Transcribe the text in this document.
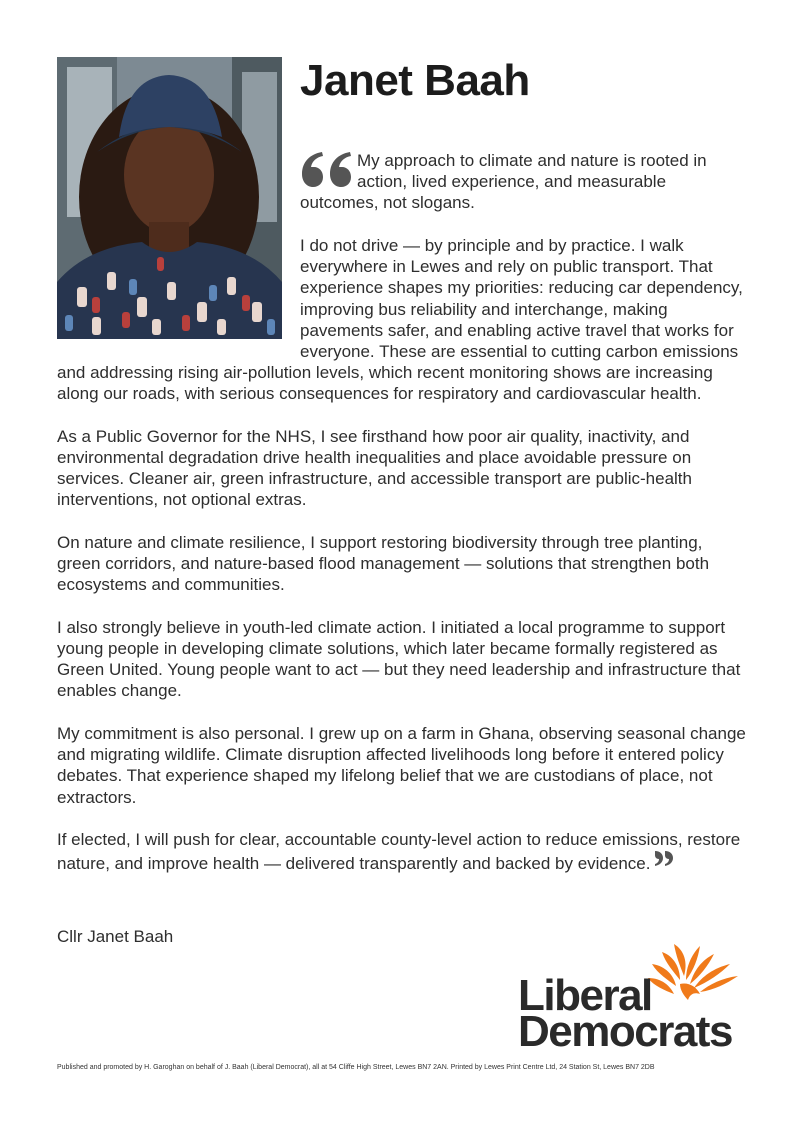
Janet Baah

My approach to climate and nature is rooted in action, lived experience, and measurable outcomes, not slogans.

I do not drive — by principle and by practice. I walk everywhere in Lewes and rely on public transport. That experience shapes my priorities: reducing car dependency, improving bus reliability and interchange, making pavements safer, and enabling active travel that works for everyone. These are essential to cutting carbon emissions and addressing rising air-pollution levels, which recent monitoring shows are increasing along our roads, with serious consequences for respiratory and cardiovascular health.

As a Public Governor for the NHS, I see firsthand how poor air quality, inactivity, and environmental degradation drive health inequalities and place avoidable pressure on services. Cleaner air, green infrastructure, and accessible transport are public-health interventions, not optional extras.

On nature and climate resilience, I support restoring biodiversity through tree planting, green corridors, and nature-based flood management — solutions that strengthen both ecosystems and communities.

I also strongly believe in youth-led climate action. I initiated a local programme to support young people in developing climate solutions, which later became formally registered as Green United. Young people want to act — but they need leadership and infrastructure that enables change.

My commitment is also personal. I grew up on a farm in Ghana, observing seasonal change and migrating wildlife. Climate disruption affected livelihoods long before it entered policy debates. That experience shaped my lifelong belief that we are custodians of place, not extractors.

If elected, I will push for clear, accountable county-level action to reduce emissions, restore nature, and improve health — delivered transparently and backed by evidence.

Cllr Janet Baah
Liberal
Democrats
Published and promoted by H. Garoghan on behalf of J. Baah (Liberal Democrat), all at 54 Cliffe High Street, Lewes BN7 2AN. Printed by Lewes Print Centre Ltd, 24 Station St, Lewes BN7 2DB
